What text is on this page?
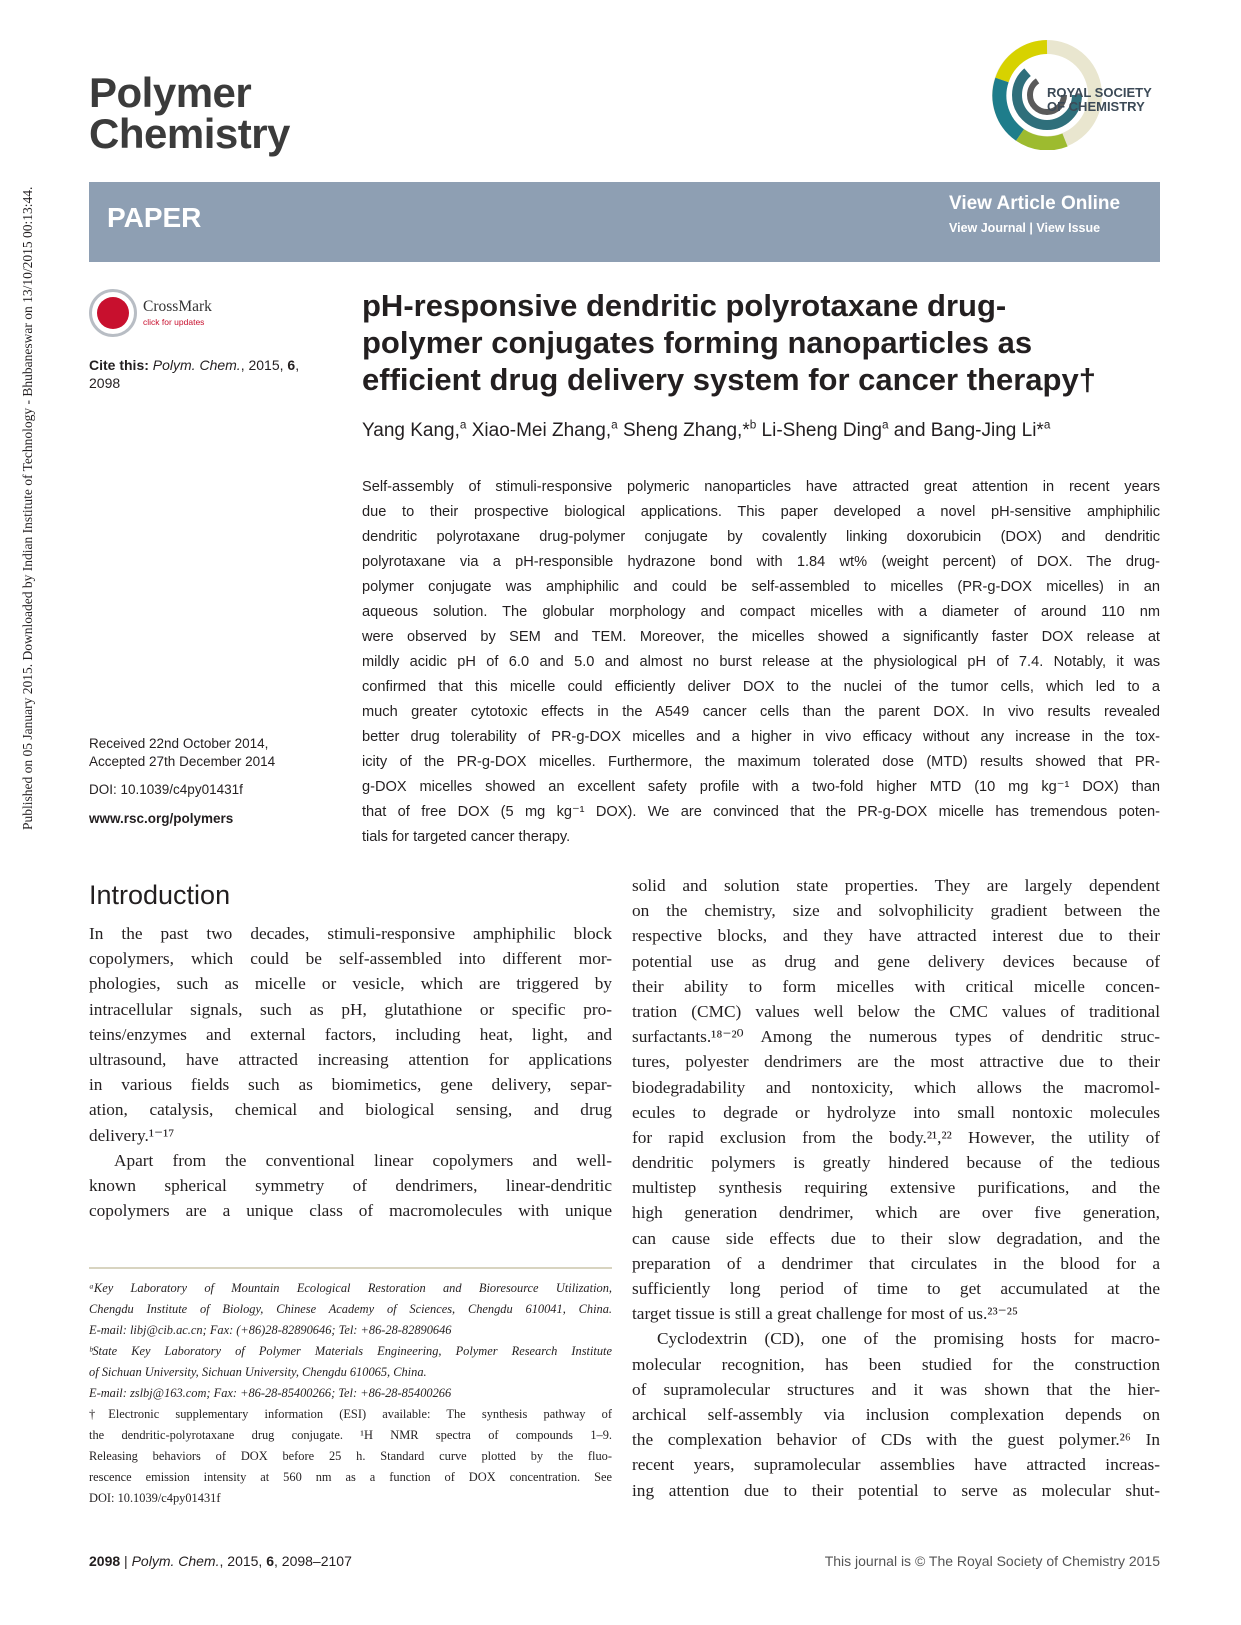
Published on 05 January 2015. Downloaded by Indian Institute of Technology - Bhubaneswar on 13/10/2015 00:13:44.
Polymer
Chemistry
ROYAL SOCIETY
OF CHEMISTRY
PAPER	View Article Online
View Journal | View Issue
CrossMark
click for updates
Cite this: Polym. Chem., 2015, 6,
2098
Received 22nd October 2014,
Accepted 27th December 2014
DOI: 10.1039/c4py01431f
www.rsc.org/polymers
pH-responsive dendritic polyrotaxane drug-
polymer conjugates forming nanoparticles as
efficient drug delivery system for cancer therapy†
Yang Kang,$^a$ Xiao-Mei Zhang,$^a$ Sheng Zhang,*$^b$ Li-Sheng Ding$^a$ and Bang-Jing Li*$^a$
Self-assembly of stimuli-responsive polymeric nanoparticles have attracted great attention in recent years
due to their prospective biological applications. This paper developed a novel pH-sensitive amphiphilic
dendritic polyrotaxane drug-polymer conjugate by covalently linking doxorubicin (DOX) and dendritic
polyrotaxane via a pH-responsible hydrazone bond with 1.84 wt% (weight percent) of DOX. The drug-
polymer conjugate was amphiphilic and could be self-assembled to micelles (PR-g-DOX micelles) in an
aqueous solution. The globular morphology and compact micelles with a diameter of around 110 nm
were observed by SEM and TEM. Moreover, the micelles showed a significantly faster DOX release at
mildly acidic pH of 6.0 and 5.0 and almost no burst release at the physiological pH of 7.4. Notably, it was
confirmed that this micelle could efficiently deliver DOX to the nuclei of the tumor cells, which led to a
much greater cytotoxic effects in the A549 cancer cells than the parent DOX. In vivo results revealed
better drug tolerability of PR-g-DOX micelles and a higher in vivo efficacy without any increase in the tox-
icity of the PR-g-DOX micelles. Furthermore, the maximum tolerated dose (MTD) results showed that PR-
g-DOX micelles showed an excellent safety profile with a two-fold higher MTD (10 mg kg⁻¹ DOX) than
that of free DOX (5 mg kg⁻¹ DOX). We are convinced that the PR-g-DOX micelle has tremendous poten-
tials for targeted cancer therapy.
Introduction
In the past two decades, stimuli-responsive amphiphilic block
copolymers, which could be self-assembled into different mor-
phologies, such as micelle or vesicle, which are triggered by
intracellular signals, such as pH, glutathione or specific pro-
teins/enzymes and external factors, including heat, light, and
ultrasound, have attracted increasing attention for applications
in various fields such as biomimetics, gene delivery, separ-
ation, catalysis, chemical and biological sensing, and drug
delivery.¹⁻¹⁷
Apart from the conventional linear copolymers and well-
known spherical symmetry of dendrimers, linear-dendritic
copolymers are a unique class of macromolecules with unique
solid and solution state properties. They are largely dependent
on the chemistry, size and solvophilicity gradient between the
respective blocks, and they have attracted interest due to their
potential use as drug and gene delivery devices because of
their ability to form micelles with critical micelle concen-
tration (CMC) values well below the CMC values of traditional
surfactants.¹⁸⁻²⁰ Among the numerous types of dendritic struc-
tures, polyester dendrimers are the most attractive due to their
biodegradability and nontoxicity, which allows the macromol-
ecules to degrade or hydrolyze into small nontoxic molecules
for rapid exclusion from the body.²¹,²² However, the utility of
dendritic polymers is greatly hindered because of the tedious
multistep synthesis requiring extensive purifications, and the
high generation dendrimer, which are over five generation,
can cause side effects due to their slow degradation, and the
preparation of a dendrimer that circulates in the blood for a
sufficiently long period of time to get accumulated at the
target tissue is still a great challenge for most of us.²³⁻²⁵
Cyclodextrin (CD), one of the promising hosts for macro-
molecular recognition, has been studied for the construction
of supramolecular structures and it was shown that the hier-
archical self-assembly via inclusion complexation depends on
the complexation behavior of CDs with the guest polymer.²⁶ In
recent years, supramolecular assemblies have attracted increas-
ing attention due to their potential to serve as molecular shut-
ᵃKey Laboratory of Mountain Ecological Restoration and Bioresource Utilization,
Chengdu Institute of Biology, Chinese Academy of Sciences, Chengdu 610041, China.
E-mail: libj@cib.ac.cn; Fax: (+86)28-82890646; Tel: +86-28-82890646
ᵇState Key Laboratory of Polymer Materials Engineering, Polymer Research Institute
of Sichuan University, Sichuan University, Chengdu 610065, China.
E-mail: zslbj@163.com; Fax: +86-28-85400266; Tel: +86-28-85400266
†Electronic supplementary information (ESI) available: The synthesis pathway of
the dendritic-polyrotaxane drug conjugate. ¹H NMR spectra of compounds 1–9.
Releasing behaviors of DOX before 25 h. Standard curve plotted by the fluo-
rescence emission intensity at 560 nm as a function of DOX concentration. See
DOI: 10.1039/c4py01431f
2098 | Polym. Chem., 2015, 6, 2098–2107	This journal is © The Royal Society of Chemistry 2015
